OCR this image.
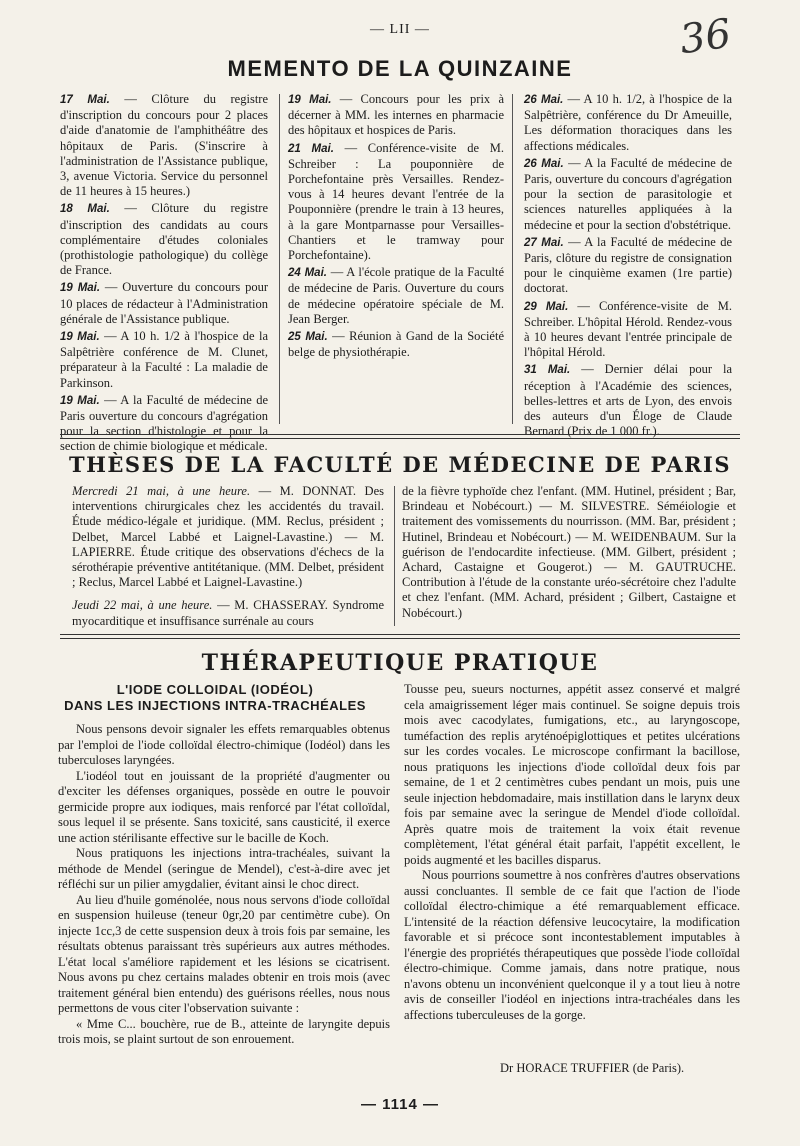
— LII —	36
MEMENTO DE LA QUINZAINE

17 Mai. — Clôture du registre d'inscription du concours pour 2 places d'aide d'anatomie de l'amphithéâtre des hôpitaux de Paris. (S'inscrire à l'administration de l'Assistance publique, 3, avenue Victoria. Service du personnel de 11 heures à 15 heures.)

18 Mai. — Clôture du registre d'inscription des candidats au cours complémentaire d'études coloniales (prothistologie pathologique) du collège de France.

19 Mai. — Ouverture du concours pour 10 places de rédacteur à l'Administration générale de l'Assistance publique.

19 Mai. — A 10 h. 1/2 à l'hospice de la Salpêtrière conférence de M. Clunet, préparateur à la Faculté : La maladie de Parkinson.

19 Mai. — A la Faculté de médecine de Paris ouverture du concours d'agrégation pour la section d'histologie et pour la section de chimie biologique et médicale.

19 Mai. — Concours pour les prix à décerner à MM. les internes en pharmacie des hôpitaux et hospices de Paris.

21 Mai. — Conférence-visite de M. Schreiber : La pouponnière de Porchefontaine près Versailles. Rendez-vous à 14 heures devant l'entrée de la Pouponnière (prendre le train à 13 heures, à la gare Montparnasse pour Versailles-Chantiers et le tramway pour Porchefontaine).

24 Mai. — A l'école pratique de la Faculté de médecine de Paris. Ouverture du cours de médecine opératoire spéciale de M. Jean Berger.

25 Mai. — Réunion à Gand de la Société belge de physiothérapie.

26 Mai. — A 10 h. 1/2, à l'hospice de la Salpêtrière, conférence du Dr Ameuille, Les déformation thoraciques dans les affections médicales.

26 Mai. — A la Faculté de médecine de Paris, ouverture du concours d'agrégation pour la section de parasitologie et sciences naturelles appliquées à la médecine et pour la section d'obstétrique.

27 Mai. — A la Faculté de médecine de Paris, clôture du registre de consignation pour le cinquième examen (1re partie) doctorat.

29 Mai. — Conférence-visite de M. Schreiber. L'hôpital Hérold. Rendez-vous à 10 heures devant l'entrée principale de l'hôpital Hérold.

31 Mai. — Dernier délai pour la réception à l'Académie des sciences, belles-lettres et arts de Lyon, des envois des auteurs d'un Éloge de Claude Bernard (Prix de 1 000 fr.).

THÈSES DE LA FACULTÉ DE MÉDECINE DE PARIS

Mercredi 21 mai, à une heure. — M. DONNAT. Des interventions chirurgicales chez les accidentés du travail. Étude médico-légale et juridique. (MM. Reclus, président ; Delbet, Marcel Labbé et Laignel-Lavastine.) — M. LAPIERRE. Étude critique des observations d'échecs de la sérothérapie préventive antitétanique. (MM. Delbet, président ; Reclus, Marcel Labbé et Laignel-Lavastine.)

Jeudi 22 mai, à une heure. — M. CHASSERAY. Syndrome myocarditique et insuffisance surrénale au cours

de la fièvre typhoïde chez l'enfant. (MM. Hutinel, président ; Bar, Brindeau et Nobécourt.) — M. SILVESTRE. Séméiologie et traitement des vomissements du nourrisson. (MM. Bar, président ; Hutinel, Brindeau et Nobécourt.) — M. WEIDENBAUM. Sur la guérison de l'endocardite infectieuse. (MM. Gilbert, président ; Achard, Castaigne et Gougerot.) — M. GAUTRUCHE. Contribution à l'étude de la constante uréo-sécrétoire chez l'adulte et chez l'enfant. (MM. Achard, président ; Gilbert, Castaigne et Nobécourt.)

THÉRAPEUTIQUE PRATIQUE
L'IODE COLLOIDAL (IODÉOL)
DANS LES INJECTIONS INTRA-TRACHÉALES

Nous pensons devoir signaler les effets remarquables obtenus par l'emploi de l'iode colloïdal électro-chimique (Iodéol) dans les tuberculoses laryngées.

L'iodéol tout en jouissant de la propriété d'augmenter ou d'exciter les défenses organiques, possède en outre le pouvoir germicide propre aux iodiques, mais renforcé par l'état colloïdal, sous lequel il se présente. Sans toxicité, sans causticité, il exerce une action stérilisante effective sur le bacille de Koch.

Nous pratiquons les injections intra-trachéales, suivant la méthode de Mendel (seringue de Mendel), c'est-à-dire avec jet réfléchi sur un pilier amygdalier, évitant ainsi le choc direct.

Au lieu d'huile goménolée, nous nous servons d'iode colloïdal en suspension huileuse (teneur 0gr,20 par centimètre cube). On injecte 1cc,3 de cette suspension deux à trois fois par semaine, les résultats obtenus paraissant très supérieurs aux autres méthodes. L'état local s'améliore rapidement et les lésions se cicatrisent. Nous avons pu chez certains malades obtenir en trois mois (avec traitement général bien entendu) des guérisons réelles, nous nous permettons de vous citer l'observation suivante :

« Mme C... bouchère, rue de B., atteinte de laryngite depuis trois mois, se plaint surtout de son enrouement.

Tousse peu, sueurs nocturnes, appétit assez conservé et malgré cela amaigrissement léger mais continuel. Se soigne depuis trois mois avec cacodylates, fumigations, etc., au laryngoscope, tuméfaction des replis aryténoépiglottiques et petites ulcérations sur les cordes vocales. Le microscope confirmant la bacillose, nous pratiquons les injections d'iode colloïdal deux fois par semaine, de 1 et 2 centimètres cubes pendant un mois, puis une seule injection hebdomadaire, mais instillation dans le larynx deux fois par semaine avec la seringue de Mendel d'iode colloïdal. Après quatre mois de traitement la voix était revenue complètement, l'état général était parfait, l'appétit excellent, le poids augmenté et les bacilles disparus.

Nous pourrions soumettre à nos confrères d'autres observations aussi concluantes. Il semble de ce fait que l'action de l'iode colloïdal électro-chimique a été remarquablement efficace. L'intensité de la réaction défensive leucocytaire, la modification favorable et si précoce sont incontestablement imputables à l'énergie des propriétés thérapeutiques que possède l'iode colloïdal électro-chimique. Comme jamais, dans notre pratique, nous n'avons obtenu un inconvénient quelconque il y a tout lieu à notre avis de conseiller l'iodéol en injections intra-trachéales dans les affections tuberculeuses de la gorge.

Dr HORACE TRUFFIER (de Paris).
— 1114 —
